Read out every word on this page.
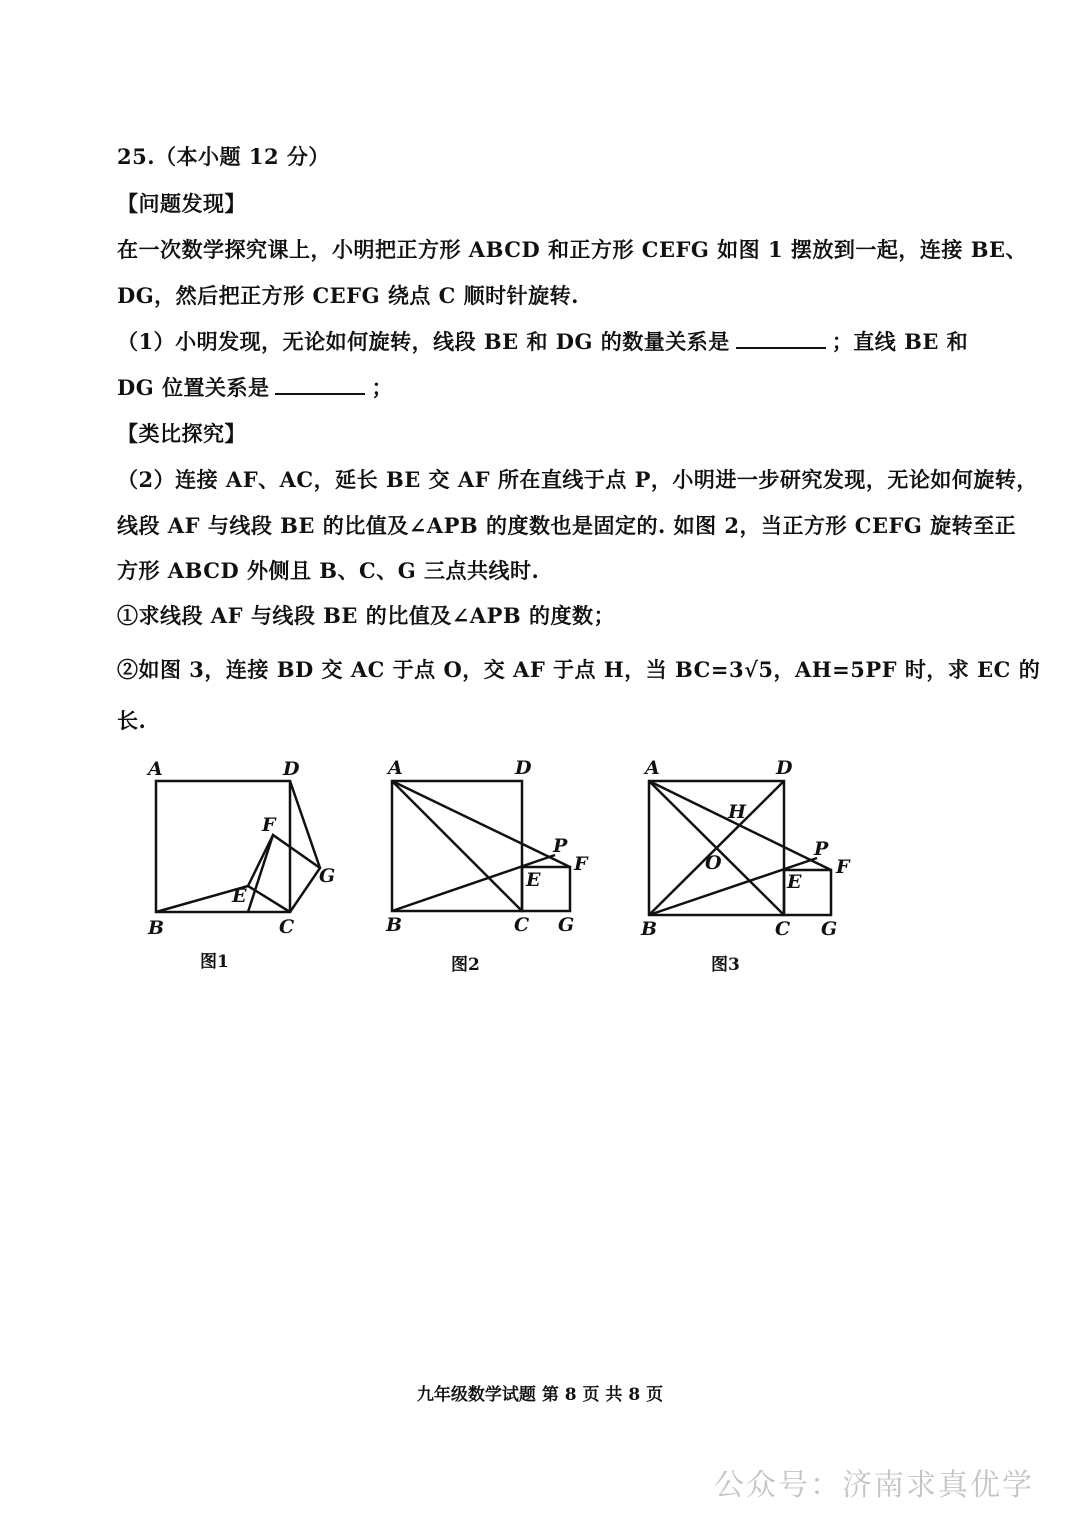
25.（本小题 12 分）
【问题发现】
在一次数学探究课上，小明把正方形 ABCD 和正方形 CEFG 如图 1 摆放到一起，连接 BE、
DG，然后把正方形 CEFG 绕点 C 顺时针旋转.
（1）小明发现，无论如何旋转，线段 BE 和 DG 的数量关系是	；直线 BE 和
DG 位置关系是	；
【类比探究】
（2）连接 AF、AC，延长 BE 交 AF 所在直线于点 P，小明进一步研究发现，无论如何旋转，
线段 AF 与线段 BE 的比值及∠APB 的度数也是固定的. 如图 2，当正方形 CEFG 旋转至正
方形 ABCD 外侧且 B、C、G 三点共线时.
①求线段 AF 与线段 BE 的比值及∠APB 的度数；
②如图 3，连接 BD 交 AC 于点 O，交 AF 于点 H，当 BC=3√5，AH=5PF 时，求 EC 的
长.
A	D
F
G
E
B	C
图1
A	D
P
F
E
B	C G
图2
A	D
H
O
P
F
E
B	C G
图3
九年级数学试题 第 8 页 共 8 页
公众号：济南求真优学
